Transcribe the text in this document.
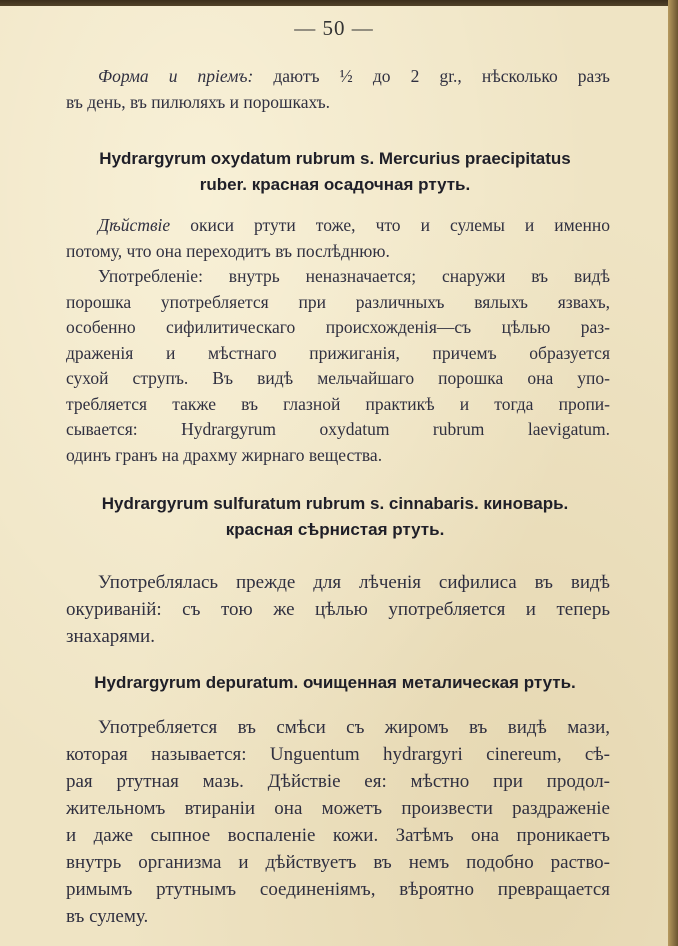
— 50 —
Форма и пріемъ: даютъ ½ до 2 gr., нѣсколько разъ
въ день, въ пилюляхъ и порошкахъ.
Hydrargyrum oxydatum rubrum s. Mercurius praecipitatus
ruber. красная осадочная ртуть.
Дѣйствіе окиси ртути тоже, что и сулемы и именно
потому, что она переходитъ въ послѣднюю.
Употребленіе: внутрь неназначается; снаружи въ видѣ
порошка употребляется при различныхъ вялыхъ язвахъ,
особенно сифилитическаго происхожденія—съ цѣлью раз-
драженія и мѣстнаго прижиганія, причемъ образуется
сухой струпъ. Въ видѣ мельчайшаго порошка она упо-
требляется также въ глазной практикѣ и тогда пропи-
сывается: Hydrargyrum oxydatum rubrum laevigatum.
одинъ гранъ на драхму жирнаго вещества.
Hydrargyrum sulfuratum rubrum s. cinnabaris. киноварь.
красная сѣрнистая ртуть.
Употреблялась прежде для лѣченія сифилиса въ видѣ
окуриваній: съ тою же цѣлью употребляется и теперь
знахарями.
Hydrargyrum depuratum. очищенная металическая ртуть.
Употребляется въ смѣси съ жиромъ въ видѣ мази,
которая называется: Unguentum hydrargyri cinereum, сѣ-
рая ртутная мазь. Дѣйствіе ея: мѣстно при продол-
жительномъ втираніи она можетъ произвести раздраженіе
и даже сыпное воспаленіе кожи. Затѣмъ она проникаетъ
внутрь организма и дѣйствуетъ въ немъ подобно раство-
римымъ ртутнымъ соединеніямъ, вѣроятно превращается
въ сулему.
